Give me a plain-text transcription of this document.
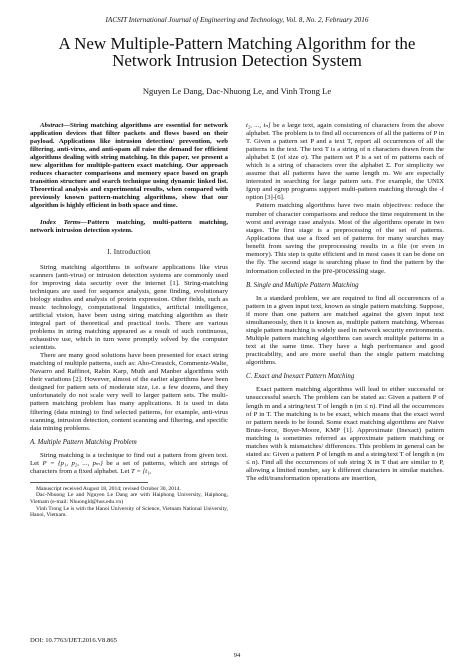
IACSIT International Journal of Engineering and Technology, Vol. 8, No. 2, February 2016
A New Multiple-Pattern Matching Algorithm for the
Network Intrusion Detection System
Nguyen Le Dang, Dac-Nhuong Le, and Vinh Trong Le

Abstract—String matching algorithms are essential for network application devices that filter packets and flows based on their payload. Applications like intrusion detection/ prevention, web filtering, anti-virus, and anti-spam all raise the demand for efficient algorithms dealing with string matching. In this paper, we present a new algorithm for multiple-pattern exact matching. Our approach reduces character comparisons and memory space based on graph transition structure and search technique using dynamic linked list. Theoretical analysis and experimental results, when compared with previously known pattern-matching algorithms, show that our algorithm is highly efficient in both space and time.

Index Terms—Pattern matching, multi-pattern matching, network intrusion detection system.

I. Introduction

String matching algorithms in software applications like virus scanners (anti-virus) or intrusion detection systems are commonly used for improving data security over the internet [1]. String-matching techniques are used for sequence analysis, gene finding, evolutionary biology studies and analysis of protein expression. Other fields, such as music technology, computational linguistics, artificial intelligence, artificial vision, have been using string matching algorithm as their integral part of theoretical and practical tools. There are various problems in string matching appeared as a result of such continuous, exhaustive use, which in turn were promptly solved by the computer scientists.

There are many good solutions have been presented for exact string matching of multiple patterns, such as: Aho-Corasick, Commentz-Walte, Navarro and Raffinot, Rabin Karp, Muth and Manber algorithms with their variations [2]. However, almost of the earlier algorithms have been designed for pattern sets of moderate size, i.e. a few dozens, and they unfortunately do not scale very well to larger pattern sets. The multi-pattern matching problem has many applications. It is used in data filtering (data mining) to find selected patterns, for example, anti-virus scanning, intrusion detection, content scanning and filtering, and specific data mining problems.

A. Multiple Pattern Matching Problem

String matching is a technique to find out a pattern from given text. Let P = {p₁, p₂, ..., pₘ} be a set of patterns, which are strings of characters from a fixed alphabet. Let T = [t₁,

Manuscript received August 18, 2014; revised October 30, 2014.

Dac-Nhuong Le and Nguyen Le Dang are with Haiphong University, Haiphong, Vietnam (e-mail: Nhuongld@hus.edu.vn)

Vinh Trong Le is with the Hanoi University of Science, Vietnam National University, Hanoi, Vietnam.

t₂, ..., tₙ] be a large text, again consisting of characters from the above alphabet. The problem is to find all occurrences of all the patterns of P in T. Given a pattern set P and a text T, report all occurrences of all the patterns in the text. The text T is a string of n characters drawn from the alphabet Σ (of size σ). The pattern set P is a set of m patterns each of which is a string of characters over the alphabet Σ. For simplicity we assume that all patterns have the same length m. We are especially interested in searching for large pattern sets. For example, the UNIX fgrep and egrep programs support multi-pattern matching through the -f option [3]-[6].

Pattern matching algorithms have two main objectives: reduce the number of character comparisons and reduce the time requirement in the worst and average case analysis. Most of the algorithms operate in two stages. The first stage is a preprocessing of the set of patterns. Applications that use a fixed set of patterns for many searches may benefit from saving the preprocessing results in a file (or even in memory). This step is quite efficient and in most cases it can be done on the fly. The second stage is searching phase to find the pattern by the information collected in the pre-processing stage.

B. Single and Multiple Pattern Matching

In a standard problem, we are required to find all occurrences of a pattern in a given input text, known as single pattern matching. Suppose, if more than one pattern are matched against the given input text simultaneously, then it is known as, multiple pattern matching. Whereas single pattern matching is widely used in network security environments. Multiple pattern matching algorithms can search multiple patterns in a text at the same time. They have a high performance and good practicability, and are more useful than the single pattern matching algorithms.

C. Exact and Inexact Pattern Matching

Exact pattern matching algorithms will lead to either successful or unsuccessful search. The problem can be stated as: Given a pattern P of length m and a string/text T of length n (m ≤ n). Find all the occurrences of P in T. The matching is to be exact, which means that the exact word or pattern needs to be found. Some exact matching algorithms are Naive Brute-force, Boyer-Moore, KMP [1]. Approximate (Inexact) pattern matching is sometimes referred as approximate pattern matching or matches with k mismatches/ differences. This problem in general can be stated as: Given a pattern P of length m and a string/text T of length n (m ≤ n). Find all the occurrences of sub string X in T that are similar to P, allowing a limited number, say k different characters in similar matches. The edit/transformation operations are insertion,

DOI: 10.7763/IJET.2016.V8.865
94
